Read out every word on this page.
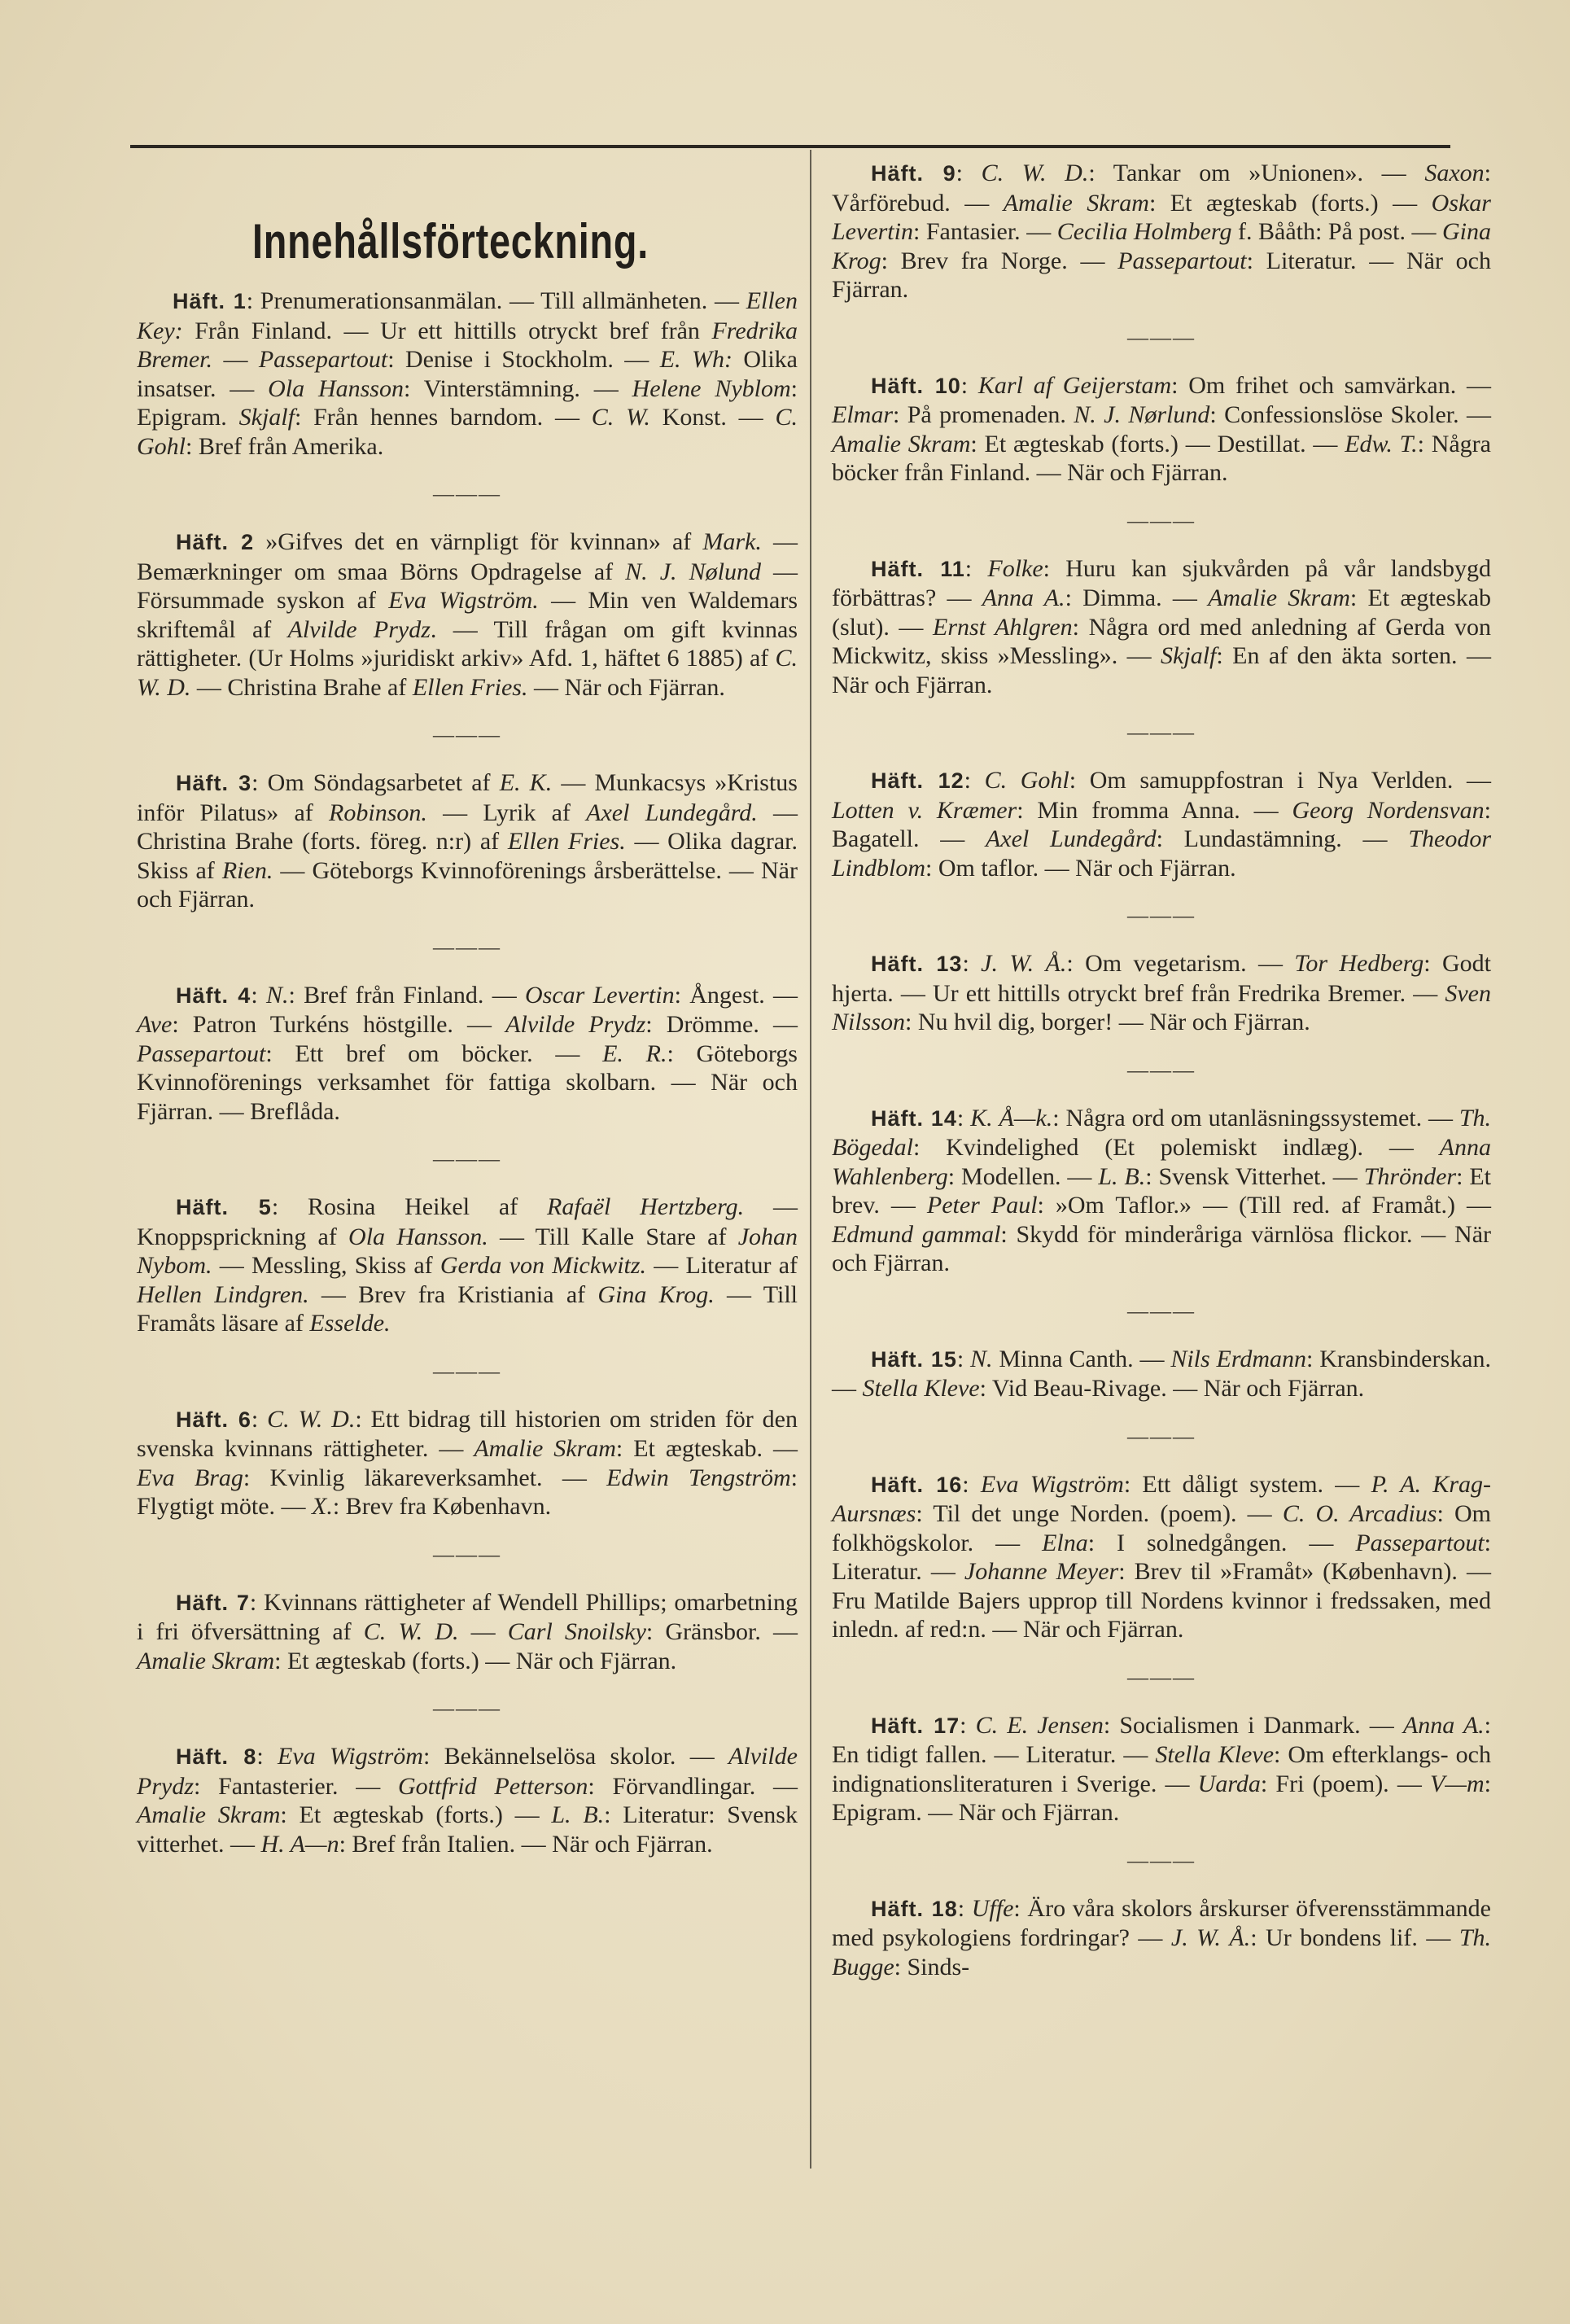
Innehållsförteckning.

Häft. 1: Prenumerationsanmälan. — Till allmänheten. — Ellen Key: Från Finland. — Ur ett hittills otryckt bref från Fredrika Bremer. — Passepartout: Denise i Stockholm. — E. Wh: Olika insatser. — Ola Hansson: Vinterstämning. — Helene Nyblom: Epigram. Skjalf: Från hennes barndom. — C. W. Konst. — C. Gohl: Bref från Amerika.

———

Häft. 2 »Gifves det en värnpligt för kvinnan» af Mark. — Bemærkninger om smaa Börns Opdragelse af N. J. Nølund — Försummade syskon af Eva Wigström. — Min ven Waldemars skriftemål af Alvilde Prydz. — Till frågan om gift kvinnas rättigheter. (Ur Holms »juridiskt arkiv» Afd. 1, häftet 6 1885) af C. W. D. — Christina Brahe af Ellen Fries. — När och Fjärran.

———

Häft. 3: Om Söndagsarbetet af E. K. — Munkacsys »Kristus inför Pilatus» af Robinson. — Lyrik af Axel Lundegård. — Christina Brahe (forts. föreg. n:r) af Ellen Fries. — Olika dagrar. Skiss af Rien. — Göteborgs Kvinnoförenings årsberättelse. — När och Fjärran.

———

Häft. 4: N.: Bref från Finland. — Oscar Levertin: Ångest. — Ave: Patron Turkéns höstgille. — Alvilde Prydz: Drömme. — Passepartout: Ett bref om böcker. — E. R.: Göteborgs Kvinnoförenings verksamhet för fattiga skolbarn. — När och Fjärran. — Breflåda.

———

Häft. 5: Rosina Heikel af Rafaël Hertzberg. — Knoppsprickning af Ola Hansson. — Till Kalle Stare af Johan Nybom. — Messling, Skiss af Gerda von Mickwitz. — Literatur af Hellen Lindgren. — Brev fra Kristiania af Gina Krog. — Till Framåts läsare af Esselde.

———

Häft. 6: C. W. D.: Ett bidrag till historien om striden för den svenska kvinnans rättigheter. — Amalie Skram: Et ægteskab. — Eva Brag: Kvinlig läkareverksamhet. — Edwin Tengström: Flygtigt möte. — X.: Brev fra København.

———

Häft. 7: Kvinnans rättigheter af Wendell Phillips; omarbetning i fri öfversättning af C. W. D. — Carl Snoilsky: Gränsbor. — Amalie Skram: Et ægteskab (forts.) — När och Fjärran.

———

Häft. 8: Eva Wigström: Bekännelselösa skolor. — Alvilde Prydz: Fantasterier. — Gottfrid Petterson: Förvandlingar. — Amalie Skram: Et ægteskab (forts.) — L. B.: Literatur: Svensk vitterhet. — H. A—n: Bref från Italien. — När och Fjärran.

Häft. 9: C. W. D.: Tankar om »Unionen». — Saxon: Vårförebud. — Amalie Skram: Et ægteskab (forts.) — Oskar Levertin: Fantasier. — Cecilia Holmberg f. Bååth: På post. — Gina Krog: Brev fra Norge. — Passepartout: Literatur. — När och Fjärran.

———

Häft. 10: Karl af Geijerstam: Om frihet och samvärkan. — Elmar: På promenaden. N. J. Nørlund: Confessionslöse Skoler. — Amalie Skram: Et ægteskab (forts.) — Destillat. — Edw. T.: Några böcker från Finland. — När och Fjärran.

———

Häft. 11: Folke: Huru kan sjukvården på vår landsbygd förbättras? — Anna A.: Dimma. — Amalie Skram: Et ægteskab (slut). — Ernst Ahlgren: Några ord med anledning af Gerda von Mickwitz, skiss »Messling». — Skjalf: En af den äkta sorten. — När och Fjärran.

———

Häft. 12: C. Gohl: Om samuppfostran i Nya Verlden. — Lotten v. Kræmer: Min fromma Anna. — Georg Nordensvan: Bagatell. — Axel Lundegård: Lundastämning. — Theodor Lindblom: Om taflor. — När och Fjärran.

———

Häft. 13: J. W. Å.: Om vegetarism. — Tor Hedberg: Godt hjerta. — Ur ett hittills otryckt bref från Fredrika Bremer. — Sven Nilsson: Nu hvil dig, borger! — När och Fjärran.

———

Häft. 14: K. Å—k.: Några ord om utanläsningssystemet. — Th. Bögedal: Kvindelighed (Et polemiskt indlæg). — Anna Wahlenberg: Modellen. — L. B.: Svensk Vitterhet. — Thrönder: Et brev. — Peter Paul: »Om Taflor.» — (Till red. af Framåt.) — Edmund gammal: Skydd för minderåriga värnlösa flickor. — När och Fjärran.

———

Häft. 15: N. Minna Canth. — Nils Erdmann: Kransbinderskan. — Stella Kleve: Vid Beau-Rivage. — När och Fjärran.

———

Häft. 16: Eva Wigström: Ett dåligt system. — P. A. Krag-Aursnæs: Til det unge Norden. (poem). — C. O. Arcadius: Om folkhögskolor. — Elna: I solnedgången. — Passepartout: Literatur. — Johanne Meyer: Brev til »Framåt» (København). — Fru Matilde Bajers upprop till Nordens kvinnor i fredssaken, med inledn. af red:n. — När och Fjärran.

———

Häft. 17: C. E. Jensen: Socialismen i Danmark. — Anna A.: En tidigt fallen. — Literatur. — Stella Kleve: Om efterklangs- och indignationsliteraturen i Sverige. — Uarda: Fri (poem). — V—m: Epigram. — När och Fjärran.

———

Häft. 18: Uffe: Äro våra skolors årskurser öfverensstämmande med psykologiens fordringar? — J. W. Å.: Ur bondens lif. — Th. Bugge: Sinds-
